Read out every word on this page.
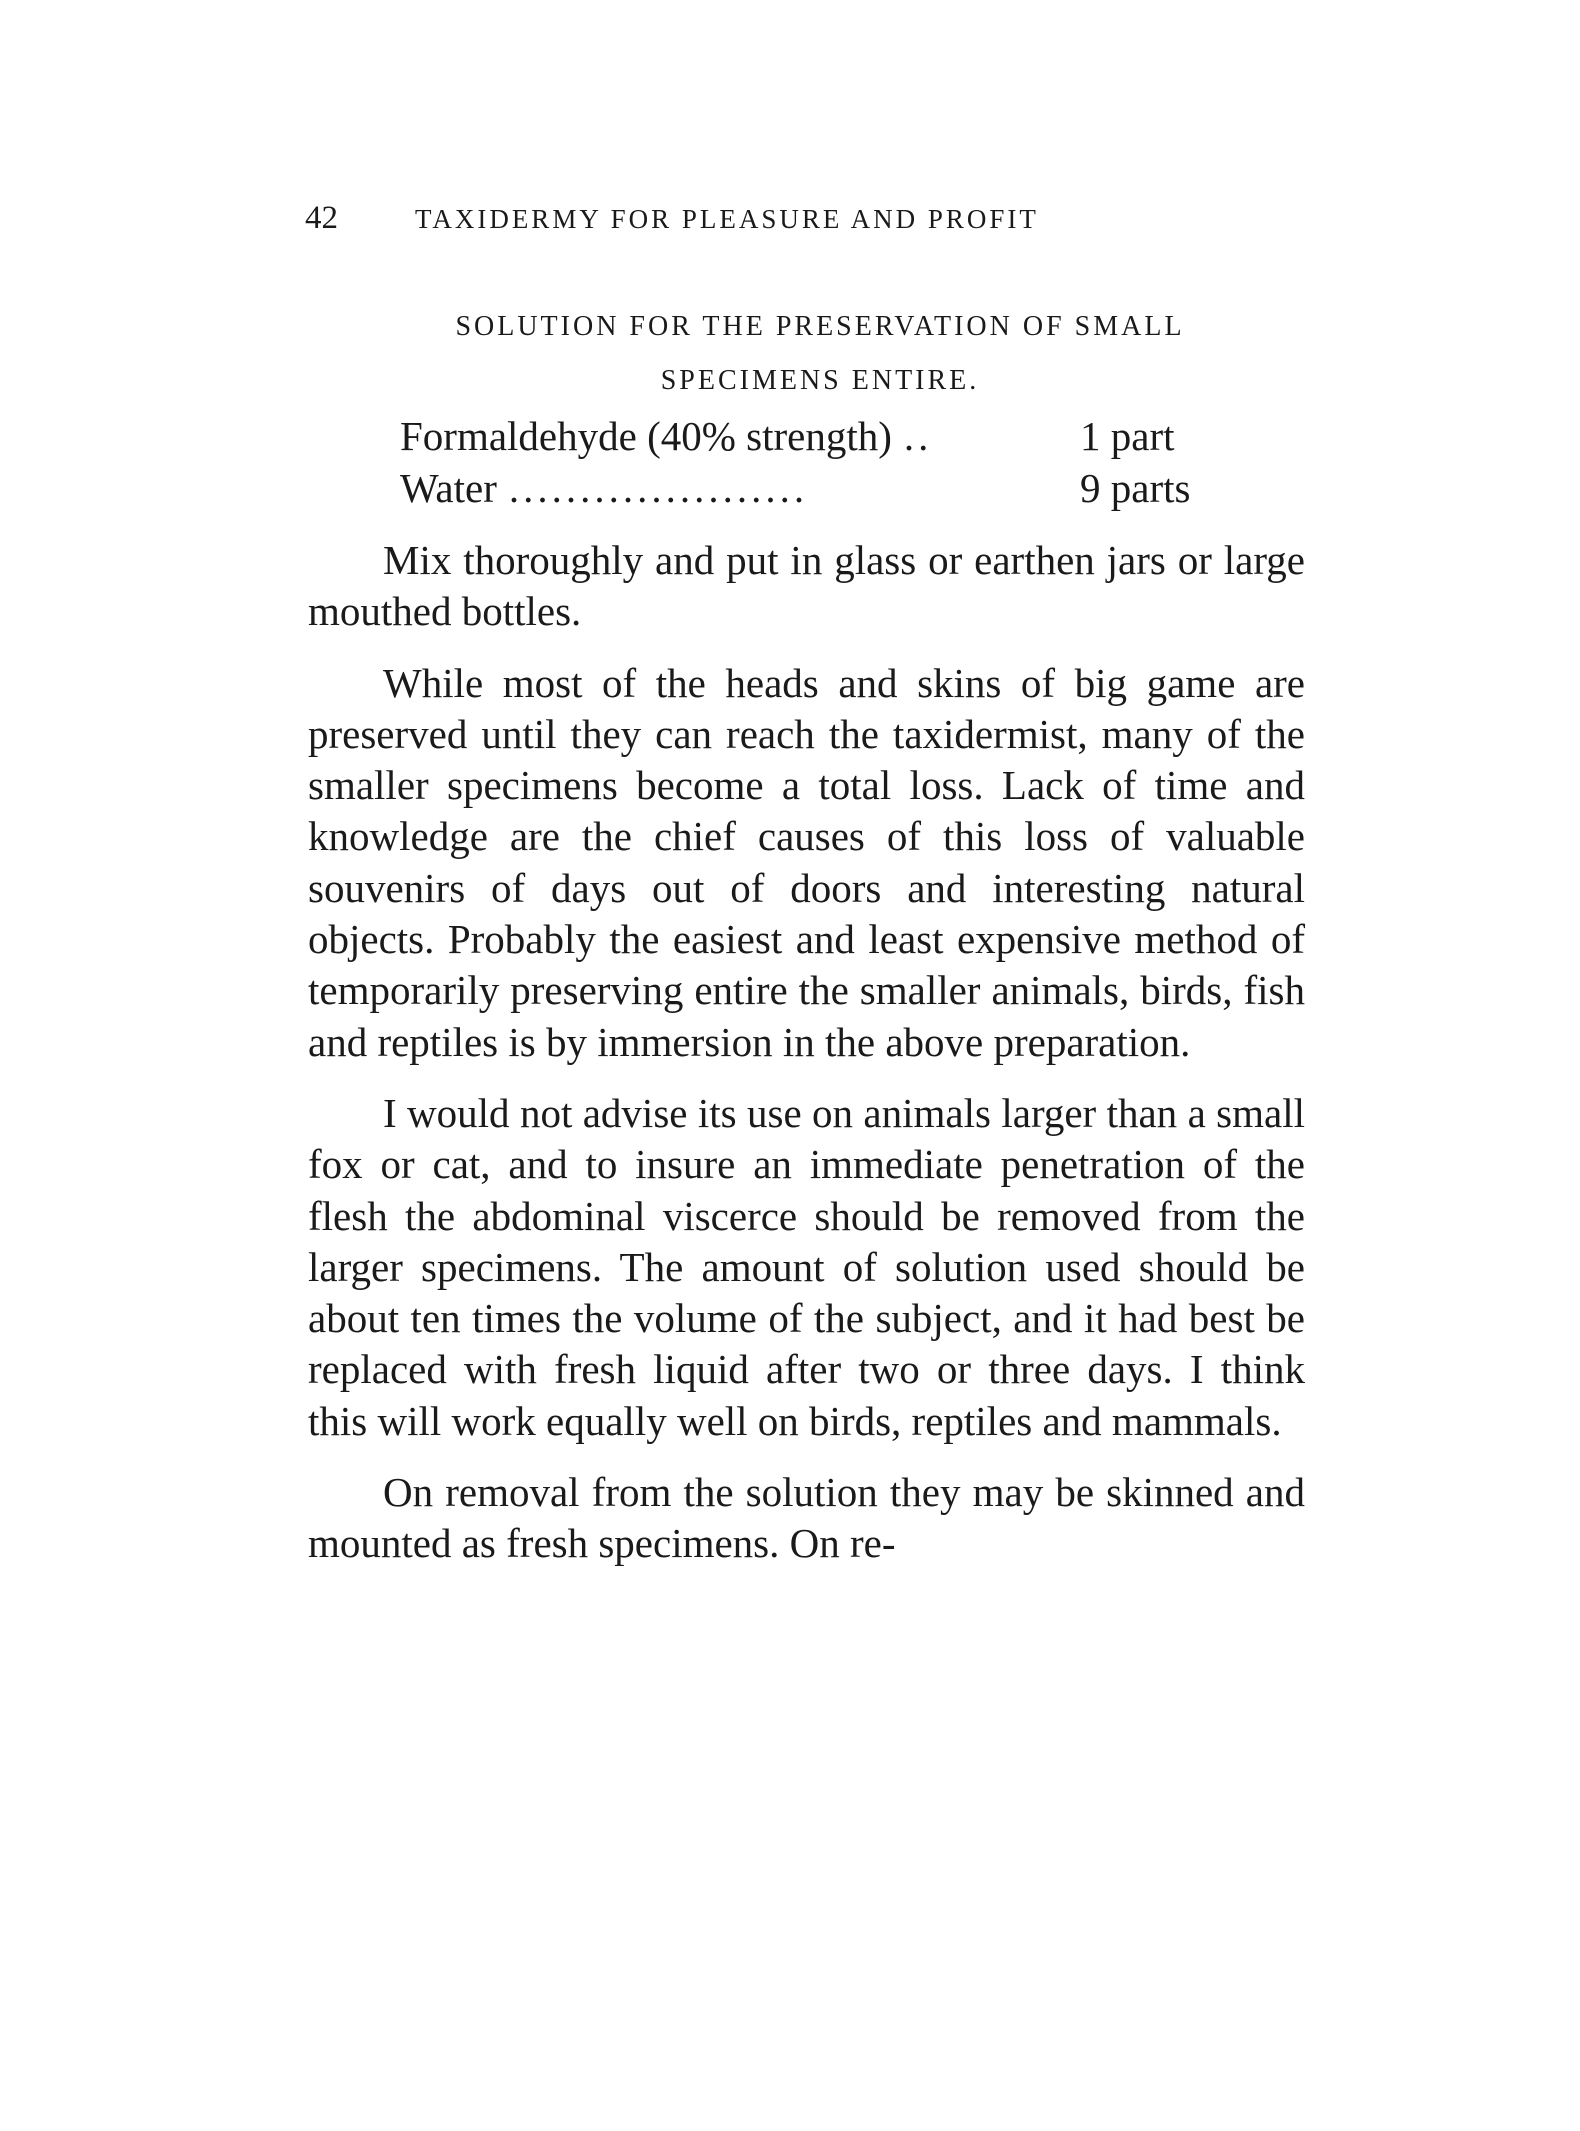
42	TAXIDERMY FOR PLEASURE AND PROFIT
SOLUTION FOR THE PRESERVATION OF SMALL
SPECIMENS ENTIRE.
Formaldehyde (40% strength) ..	1 part
Water .....................	9 parts

Mix thoroughly and put in glass or earthen jars or large mouthed bottles.

While most of the heads and skins of big game are preserved until they can reach the taxidermist, many of the smaller specimens become a total loss. Lack of time and knowledge are the chief causes of this loss of valuable souvenirs of days out of doors and interesting natural objects. Probably the easiest and least expensive method of temporarily preserving entire the smaller animals, birds, fish and reptiles is by immersion in the above preparation.

I would not advise its use on animals larger than a small fox or cat, and to insure an immediate penetration of the flesh the abdominal viscerce should be removed from the larger specimens. The amount of solution used should be about ten times the volume of the subject, and it had best be replaced with fresh liquid after two or three days. I think this will work equally well on birds, reptiles and mammals.

On removal from the solution they may be skinned and mounted as fresh specimens. On re-
